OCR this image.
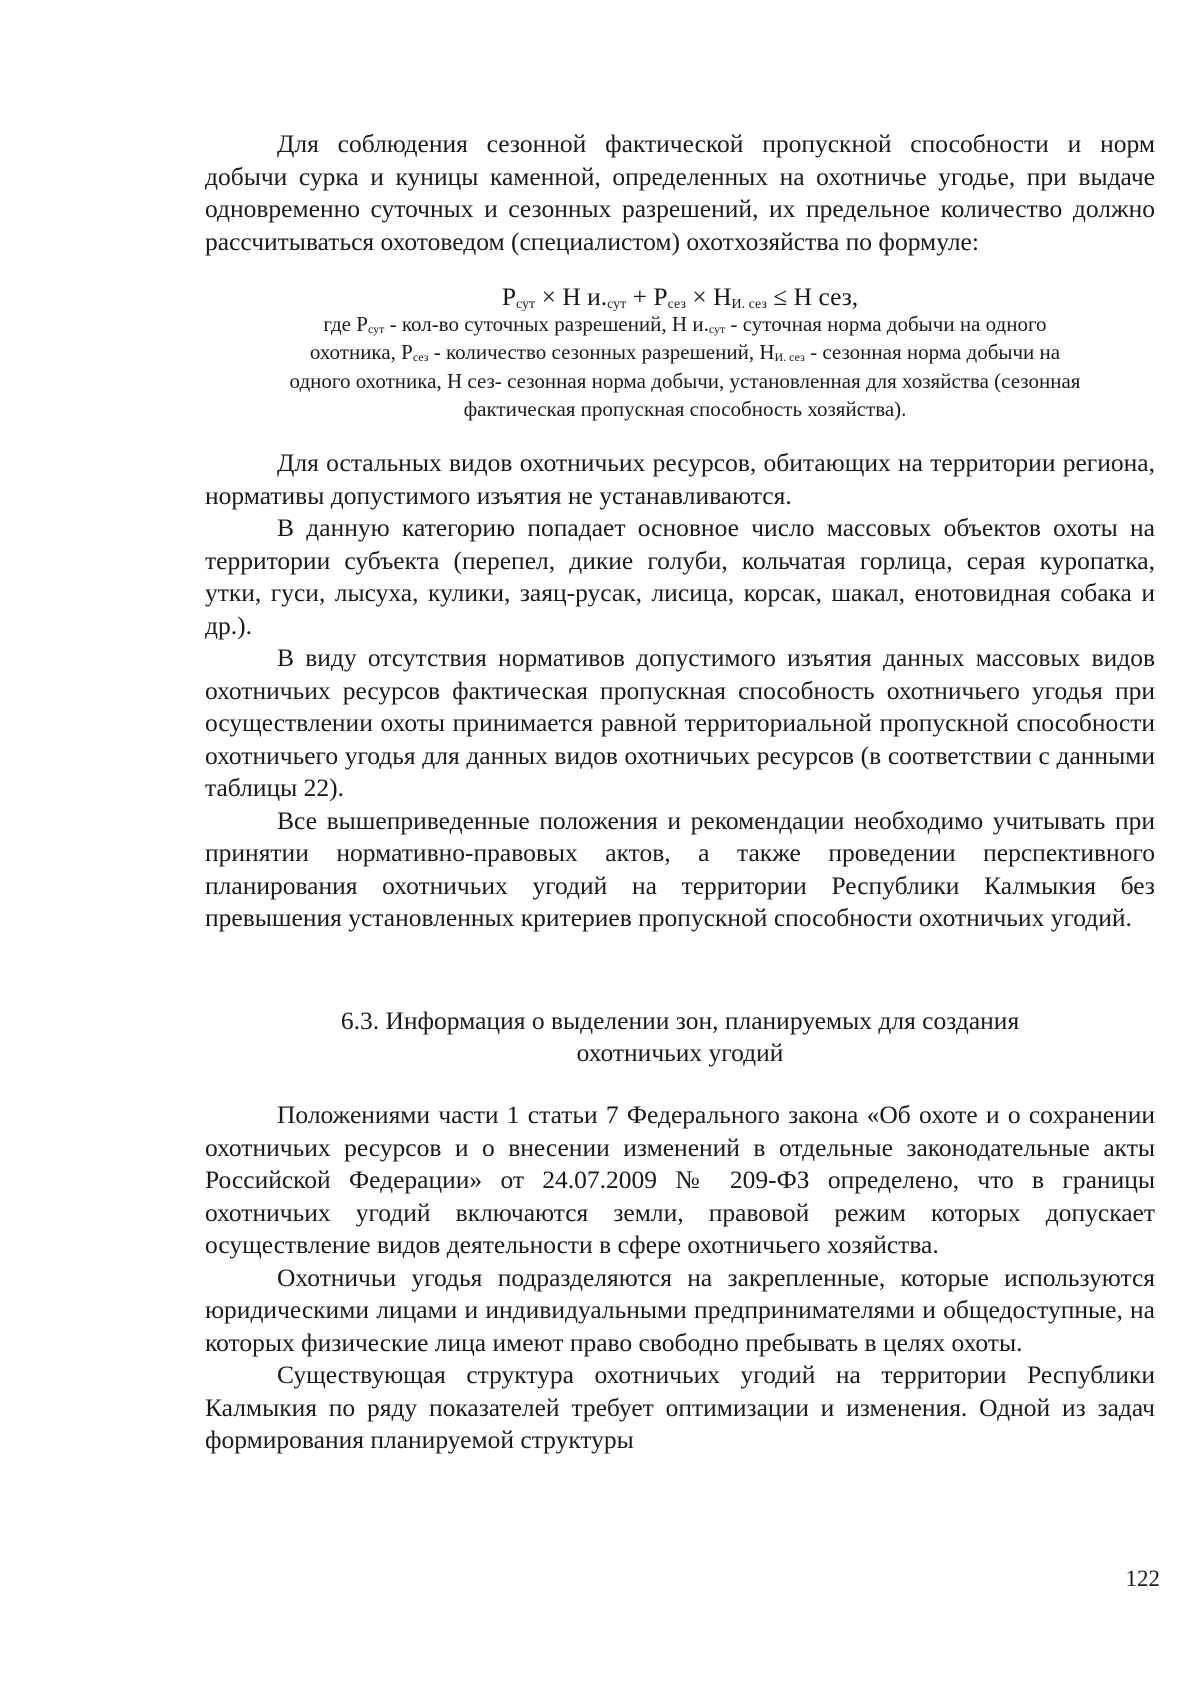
Для соблюдения сезонной фактической пропускной способности и норм добычи сурка и куницы каменной, определенных на охотничье угодье, при выдаче одновременно суточных и сезонных разрешений, их предельное количество должно рассчитываться охотоведом (специалистом) охотхозяйства по формуле:

$Р_{сут} \times Н$ $и._{сут} + Р_{сез} \times Н_{И. сез} \le Н$ сез,
где $Р_{сут} - кол-во$ суточных разрешений, Н $и._{сут}$ - суточная норма добычи на одного
охотника, $Р_{сез}$ - количество сезонных разрешений, $Н_{И. сез}$ - сезонная норма добычи на
одного охотника, Н сез- сезонная норма добычи, установленная для хозяйства (сезонная
фактическая пропускная способность хозяйства).

Для остальных видов охотничьих ресурсов, обитающих на территории региона, нормативы допустимого изъятия не устанавливаются.

В данную категорию попадает основное число массовых объектов охоты на территории субъекта (перепел, дикие голуби, кольчатая горлица, серая куропатка, утки, гуси, лысуха, кулики, заяц-русак, лисица, корсак, шакал, енотовидная собака и др.).

В виду отсутствия нормативов допустимого изъятия данных массовых видов охотничьих ресурсов фактическая пропускная способность охотничьего угодья при осуществлении охоты принимается равной территориальной пропускной способности охотничьего угодья для данных видов охотничьих ресурсов (в соответствии с данными таблицы 22).

Все вышеприведенные положения и рекомендации необходимо учитывать при принятии нормативно-правовых актов, а также проведении перспективного планирования охотничьих угодий на территории Республики Калмыкия без превышения установленных критериев пропускной способности охотничьих угодий.

6.3. Информация о выделении зон, планируемых для создания
охотничьих угодий

Положениями части 1 статьи 7 Федерального закона «Об охоте и о сохранении охотничьих ресурсов и о внесении изменений в отдельные законодательные акты Российской Федерации» от 24.07.2009 № 209-ФЗ определено, что в границы охотничьих угодий включаются земли, правовой режим которых допускает осуществление видов деятельности в сфере охотничьего хозяйства.

Охотничьи угодья подразделяются на закрепленные, которые используются юридическими лицами и индивидуальными предпринимателями и общедоступные, на которых физические лица имеют право свободно пребывать в целях охоты.

Существующая структура охотничьих угодий на территории Республики Калмыкия по ряду показателей требует оптимизации и изменения. Одной из задач формирования планируемой структуры

122
